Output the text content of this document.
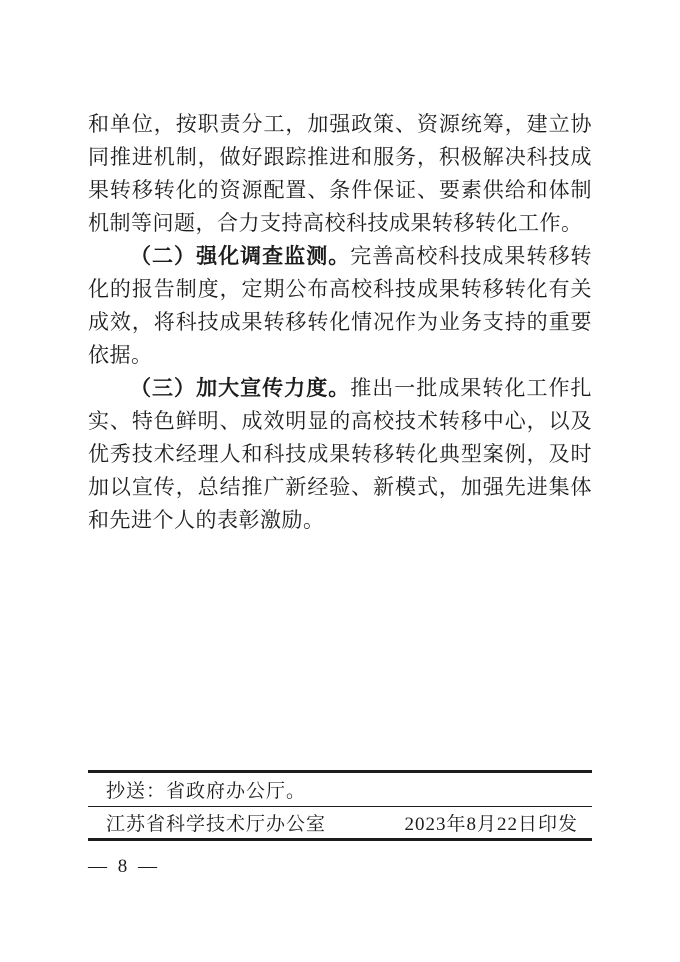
和单位，按职责分工，加强政策、资源统筹，建立协同推进机制，做好跟踪推进和服务，积极解决科技成果转移转化的资源配置、条件保证、要素供给和体制机制等问题，合力支持高校科技成果转移转化工作。

（二）强化调查监测。完善高校科技成果转移转化的报告制度，定期公布高校科技成果转移转化有关成效，将科技成果转移转化情况作为业务支持的重要依据。

（三）加大宣传力度。推出一批成果转化工作扎实、特色鲜明、成效明显的高校技术转移中心，以及优秀技术经理人和科技成果转移转化典型案例，及时加以宣传，总结推广新经验、新模式，加强先进集体和先进个人的表彰激励。

抄送：省政府办公厅。
江苏省科学技术厅办公室	2023年8月22日印发
— 8 —
